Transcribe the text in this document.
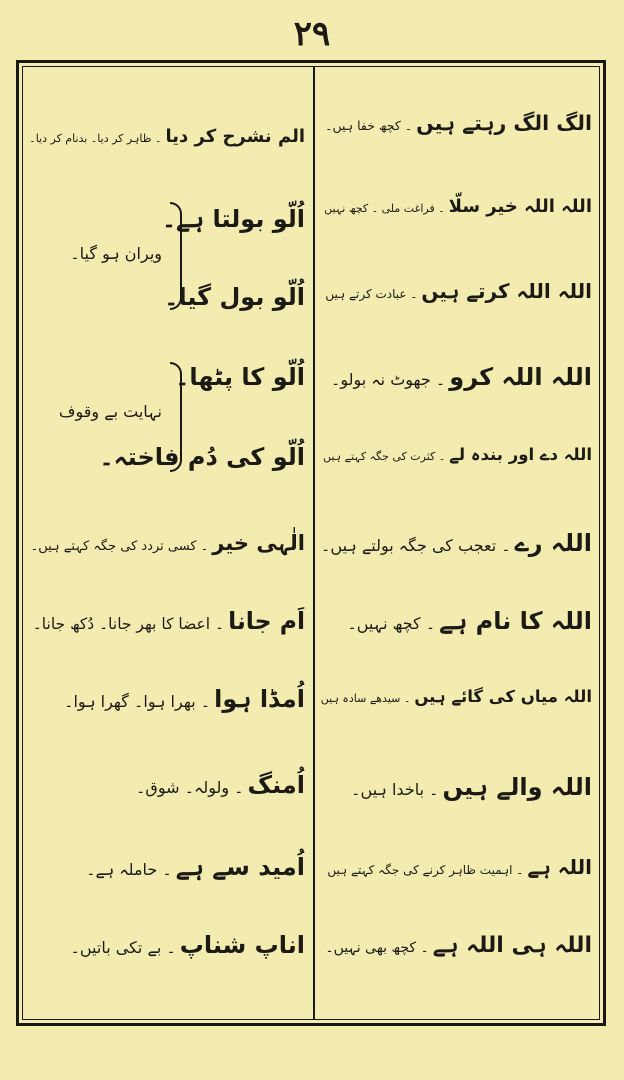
۲۹
الگ الگ رہتے ہیں۔ کچھ خفا ہیں۔
اللہ اللہ خیر سلّا۔ فراغت ملی ۔ کچھ نہیں
اللہ اللہ کرتے ہیں۔ عبادت کرتے ہیں
اللہ اللہ کرو۔ جھوٹ نہ بولو۔
اللہ دے اور بندہ لے۔ کثرت کی جگہ کہتے ہیں
اللہ رے۔ تعجب کی جگہ بولتے ہیں۔
اللہ کا نام ہے۔ کچھ نہیں۔
اللہ میاں کی گائے ہیں۔ سیدھے سادہ ہیں
اللہ والے ہیں۔ باخدا ہیں۔
اللہ ہے۔ اہمیت ظاہر کرنے کی جگہ کہتے ہیں
اللہ ہی اللہ ہے۔ کچھ بھی نہیں۔
الم نشرح کر دیا۔ ظاہر کر دیا۔ بدنام کر دیا۔
اُلّو بولتا ہے۔
اُلّو بول گیا۔
ویران ہو گیا۔
اُلّو کا پٹھا۔
اُلّو کی دُم فاختہ۔
نہایت بے وقوف
الٰہی خیر۔ کسی تردد کی جگہ کہتے ہیں۔
اَم جانا۔ اعضا کا بھر جانا۔ دُکھ جانا۔
اُمڈا ہوا۔ بھرا ہوا۔ گھرا ہوا۔
اُمنگ۔ ولولہ۔ شوق۔
اُمید سے ہے۔ حاملہ ہے۔
اناپ شناپ۔ بے تکی باتیں۔
